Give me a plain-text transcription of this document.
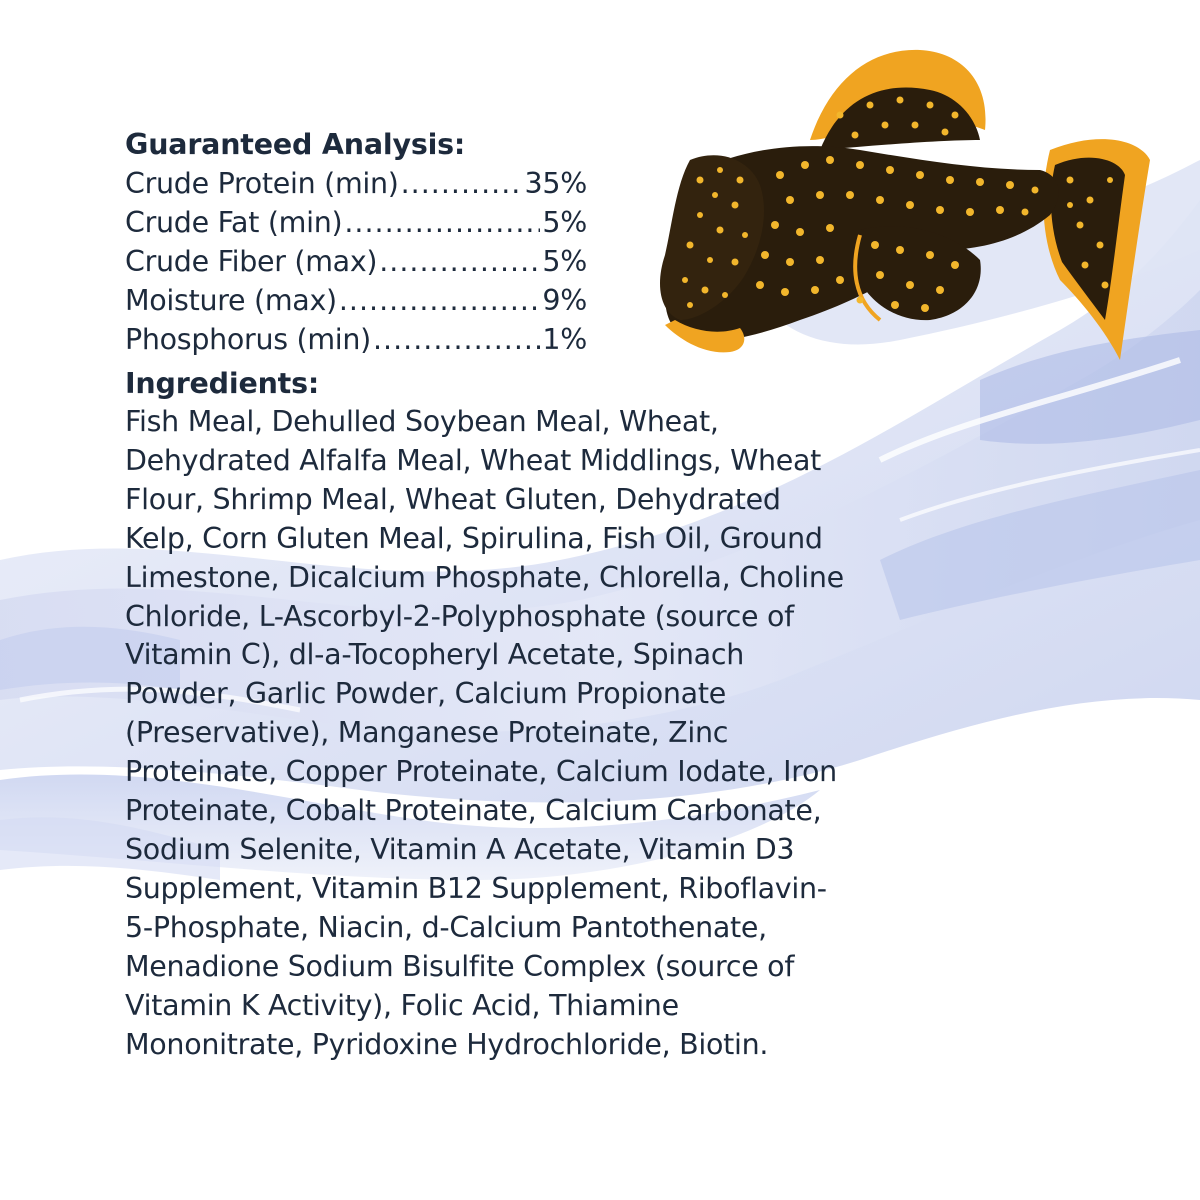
Guaranteed Analysis:
Crude Protein (min) .....	35%
Crude Fat (min) .....	5%
Crude Fiber (max) .....	5%
Moisture (max) .....	9%
Phosphorus (min) .....	1%
Ingredients:
Fish Meal, Dehulled Soybean Meal, Wheat,
Dehydrated Alfalfa Meal, Wheat Middlings, Wheat
Flour, Shrimp Meal, Wheat Gluten, Dehydrated
Kelp, Corn Gluten Meal, Spirulina, Fish Oil, Ground
Limestone, Dicalcium Phosphate, Chlorella, Choline
Chloride, L-Ascorbyl-2-Polyphosphate (source of
Vitamin C), dl-a-Tocopheryl Acetate, Spinach
Powder, Garlic Powder, Calcium Propionate
(Preservative), Manganese Proteinate, Zinc
Proteinate, Copper Proteinate, Calcium Iodate, Iron
Proteinate, Cobalt Proteinate, Calcium Carbonate,
Sodium Selenite, Vitamin A Acetate, Vitamin D3
Supplement, Vitamin B12 Supplement, Riboflavin-
5-Phosphate, Niacin, d-Calcium Pantothenate,
Menadione Sodium Bisulfite Complex (source of
Vitamin K Activity), Folic Acid, Thiamine
Mononitrate, Pyridoxine Hydrochloride, Biotin.
